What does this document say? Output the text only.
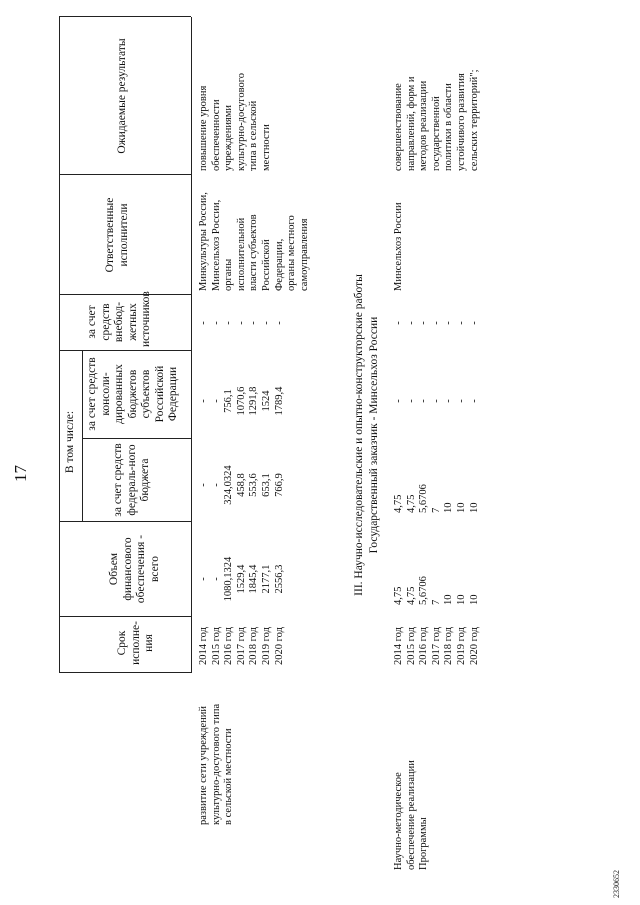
17
2330652
Срок исполне-ния
Объем финансового обеспечения - всего
В том числе:
за счет средств федераль-ного бюджета
за счет средств консоли-дированных бюджетов субъектов Российской Федерации
за счет средств внебюд-жетных источников
Ответственные исполнители
Ожидаемые результаты
развитие сети учреждений культурно-досугового типа в сельской местности
2014 год 2015 год 2016 год 2017 год 2018 год 2019 год 2020 год
- - 1080,1324 1529,4 1845,4 2177,1 2556,3
- - 324,0324 458,8 553,6 653,1 766,9
- - 756,1 1070,6 1291,8 1524 1789,4
- - - - - - -
Минкультуры России, Минсельхоз России, органы исполнительной власти субъектов Российской Федерации, органы местного самоуправления
повышение уровня обеспеченности учреждениями культурно-досугового типа в сельской местности
III. Научно-исследовательские и опытно-конструкторские работы Государственный заказчик - Минсельхоз России
Научно-методическое обеспечение реализации Программы
2014 год 2015 год 2016 год 2017 год 2018 год 2019 год 2020 год
4,75 4,75 5,6706 7 10 10 10
4,75 4,75 5,6706 7 10 10 10
- - - - - - -
- - - - - - -
Минсельхоз России
совершенствование направлений, форм и методов реализации государственной политики в области устойчивого развития сельских территорий";
